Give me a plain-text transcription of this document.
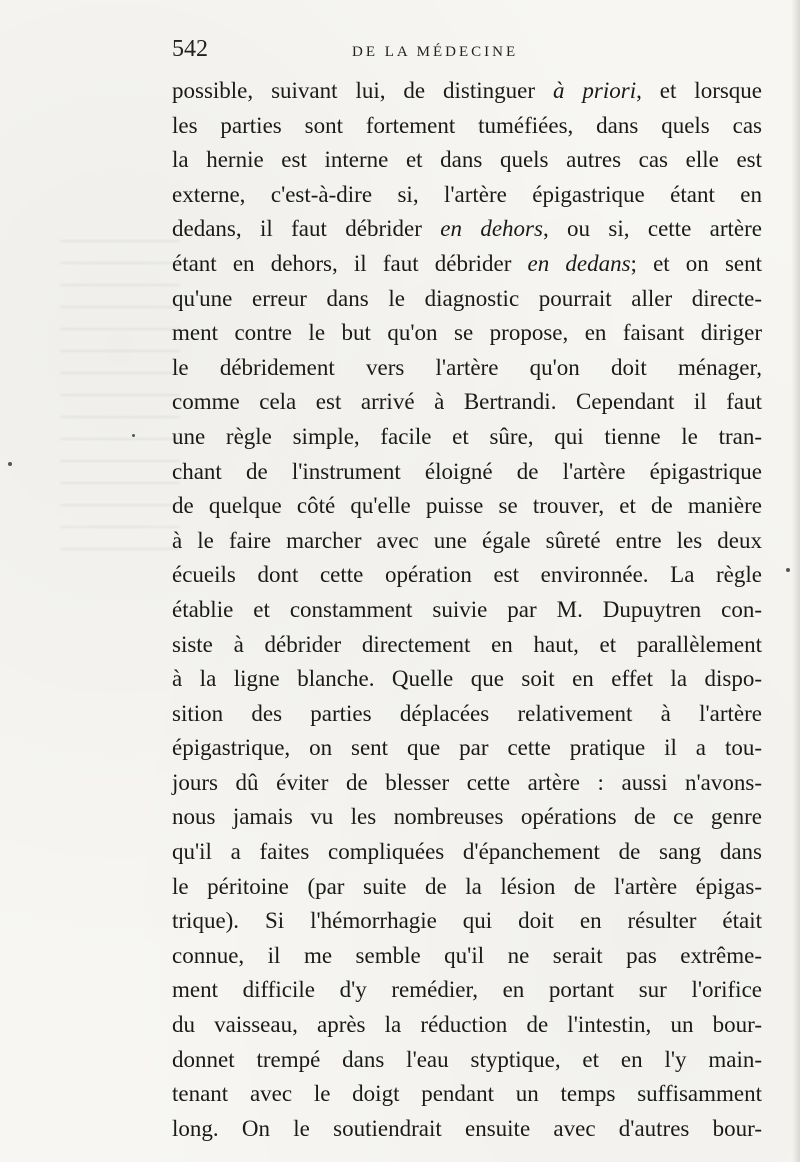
542	DE LA MÉDECINE
possible, suivant lui, de distinguer à priori, et lorsque
les parties sont fortement tuméfiées, dans quels cas
la hernie est interne et dans quels autres cas elle est
externe, c'est-à-dire si, l'artère épigastrique étant en
dedans, il faut débrider en dehors, ou si, cette artère
étant en dehors, il faut débrider en dedans; et on sent
qu'une erreur dans le diagnostic pourrait aller directe-
ment contre le but qu'on se propose, en faisant diriger
le débridement vers l'artère qu'on doit ménager,
comme cela est arrivé à Bertrandi. Cependant il faut
une règle simple, facile et sûre, qui tienne le tran-
chant de l'instrument éloigné de l'artère épigastrique
de quelque côté qu'elle puisse se trouver, et de manière
à le faire marcher avec une égale sûreté entre les deux
écueils dont cette opération est environnée. La règle
établie et constamment suivie par M. Dupuytren con-
siste à débrider directement en haut, et parallèlement
à la ligne blanche. Quelle que soit en effet la dispo-
sition des parties déplacées relativement à l'artère
épigastrique, on sent que par cette pratique il a tou-
jours dû éviter de blesser cette artère : aussi n'avons-
nous jamais vu les nombreuses opérations de ce genre
qu'il a faites compliquées d'épanchement de sang dans
le péritoine (par suite de la lésion de l'artère épigas-
trique). Si l'hémorrhagie qui doit en résulter était
connue, il me semble qu'il ne serait pas extrême-
ment difficile d'y remédier, en portant sur l'orifice
du vaisseau, après la réduction de l'intestin, un bour-
donnet trempé dans l'eau styptique, et en l'y main-
tenant avec le doigt pendant un temps suffisamment
long. On le soutiendrait ensuite avec d'autres bour-
